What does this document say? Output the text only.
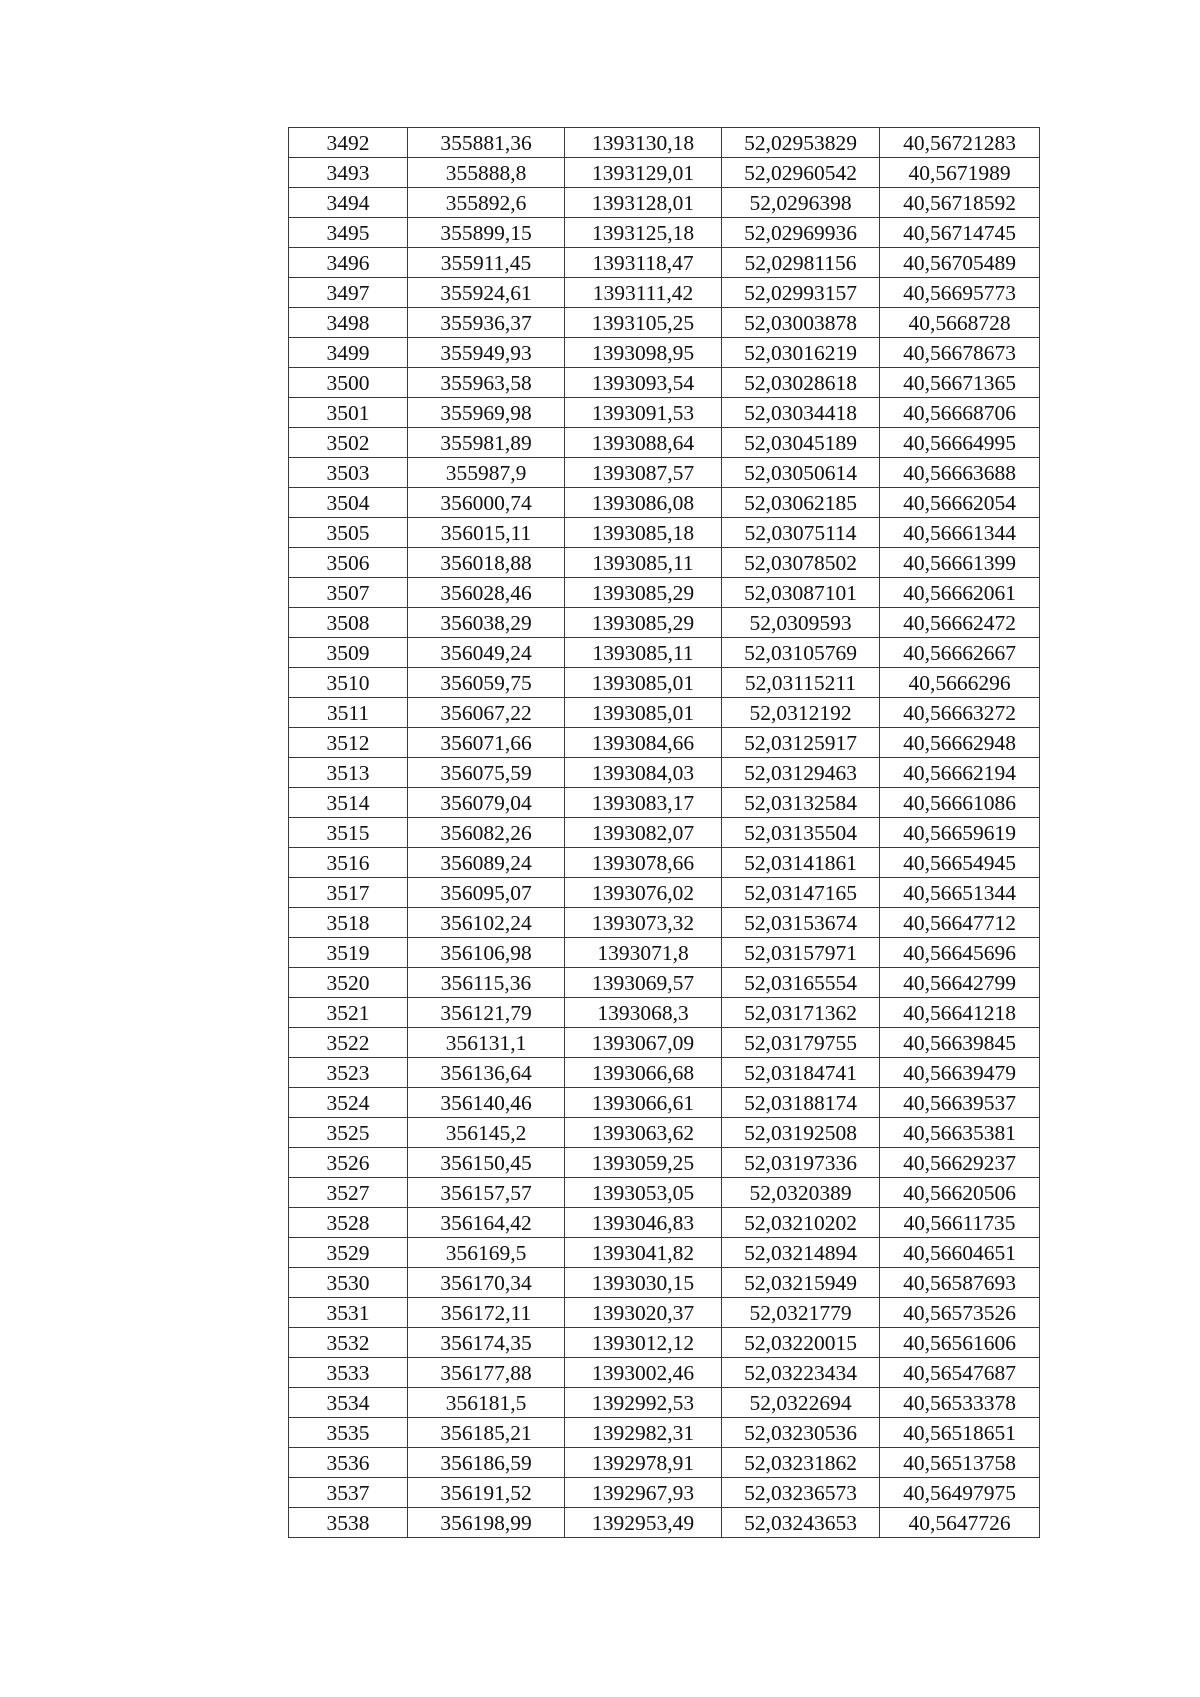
3492	355881,36	1393130,18	52,02953829	40,56721283
3493	355888,8	1393129,01	52,02960542	40,5671989
3494	355892,6	1393128,01	52,0296398	40,56718592
3495	355899,15	1393125,18	52,02969936	40,56714745
3496	355911,45	1393118,47	52,02981156	40,56705489
3497	355924,61	1393111,42	52,02993157	40,56695773
3498	355936,37	1393105,25	52,03003878	40,5668728
3499	355949,93	1393098,95	52,03016219	40,56678673
3500	355963,58	1393093,54	52,03028618	40,56671365
3501	355969,98	1393091,53	52,03034418	40,56668706
3502	355981,89	1393088,64	52,03045189	40,56664995
3503	355987,9	1393087,57	52,03050614	40,56663688
3504	356000,74	1393086,08	52,03062185	40,56662054
3505	356015,11	1393085,18	52,03075114	40,56661344
3506	356018,88	1393085,11	52,03078502	40,56661399
3507	356028,46	1393085,29	52,03087101	40,56662061
3508	356038,29	1393085,29	52,0309593	40,56662472
3509	356049,24	1393085,11	52,03105769	40,56662667
3510	356059,75	1393085,01	52,03115211	40,5666296
3511	356067,22	1393085,01	52,0312192	40,56663272
3512	356071,66	1393084,66	52,03125917	40,56662948
3513	356075,59	1393084,03	52,03129463	40,56662194
3514	356079,04	1393083,17	52,03132584	40,56661086
3515	356082,26	1393082,07	52,03135504	40,56659619
3516	356089,24	1393078,66	52,03141861	40,56654945
3517	356095,07	1393076,02	52,03147165	40,56651344
3518	356102,24	1393073,32	52,03153674	40,56647712
3519	356106,98	1393071,8	52,03157971	40,56645696
3520	356115,36	1393069,57	52,03165554	40,56642799
3521	356121,79	1393068,3	52,03171362	40,56641218
3522	356131,1	1393067,09	52,03179755	40,56639845
3523	356136,64	1393066,68	52,03184741	40,56639479
3524	356140,46	1393066,61	52,03188174	40,56639537
3525	356145,2	1393063,62	52,03192508	40,56635381
3526	356150,45	1393059,25	52,03197336	40,56629237
3527	356157,57	1393053,05	52,0320389	40,56620506
3528	356164,42	1393046,83	52,03210202	40,56611735
3529	356169,5	1393041,82	52,03214894	40,56604651
3530	356170,34	1393030,15	52,03215949	40,56587693
3531	356172,11	1393020,37	52,0321779	40,56573526
3532	356174,35	1393012,12	52,03220015	40,56561606
3533	356177,88	1393002,46	52,03223434	40,56547687
3534	356181,5	1392992,53	52,0322694	40,56533378
3535	356185,21	1392982,31	52,03230536	40,56518651
3536	356186,59	1392978,91	52,03231862	40,56513758
3537	356191,52	1392967,93	52,03236573	40,56497975
3538	356198,99	1392953,49	52,03243653	40,5647726
